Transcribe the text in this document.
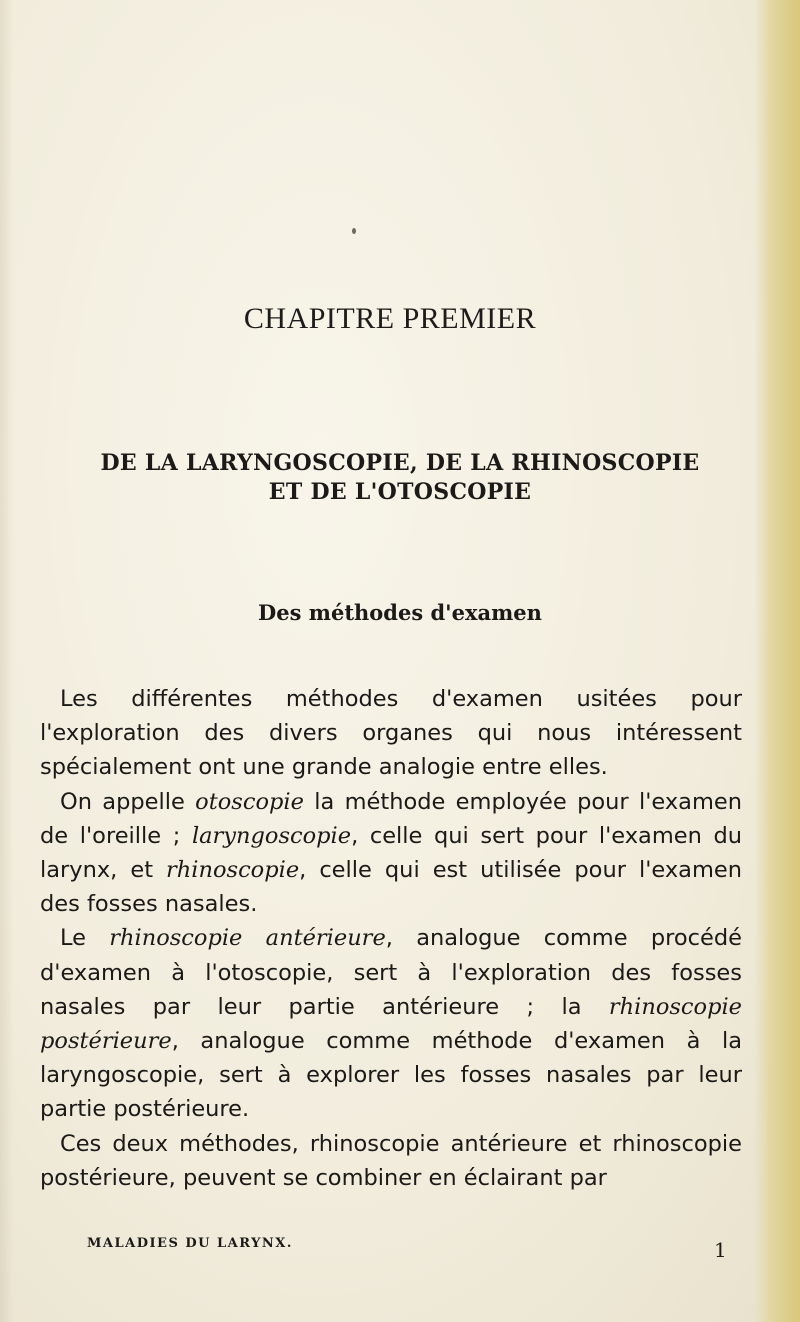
CHAPITRE PREMIER
DE LA LARYNGOSCOPIE, DE LA RHINOSCOPIE
ET DE L'OTOSCOPIE
Des méthodes d'examen

Les différentes méthodes d'examen usitées pour l'exploration des divers organes qui nous intéressent spécialement ont une grande analogie entre elles.

On appelle otoscopie la méthode employée pour l'examen de l'oreille ; laryngoscopie, celle qui sert pour l'examen du larynx, et rhinoscopie, celle qui est utilisée pour l'examen des fosses nasales.

Le rhinoscopie antérieure, analogue comme procédé d'examen à l'otoscopie, sert à l'exploration des fosses nasales par leur partie antérieure ; la rhinoscopie postérieure, analogue comme méthode d'examen à la laryngoscopie, sert à explorer les fosses nasales par leur partie postérieure.

Ces deux méthodes, rhinoscopie antérieure et rhinoscopie postérieure, peuvent se combiner en éclairant par

MALADIES DU LARYNX.	1
